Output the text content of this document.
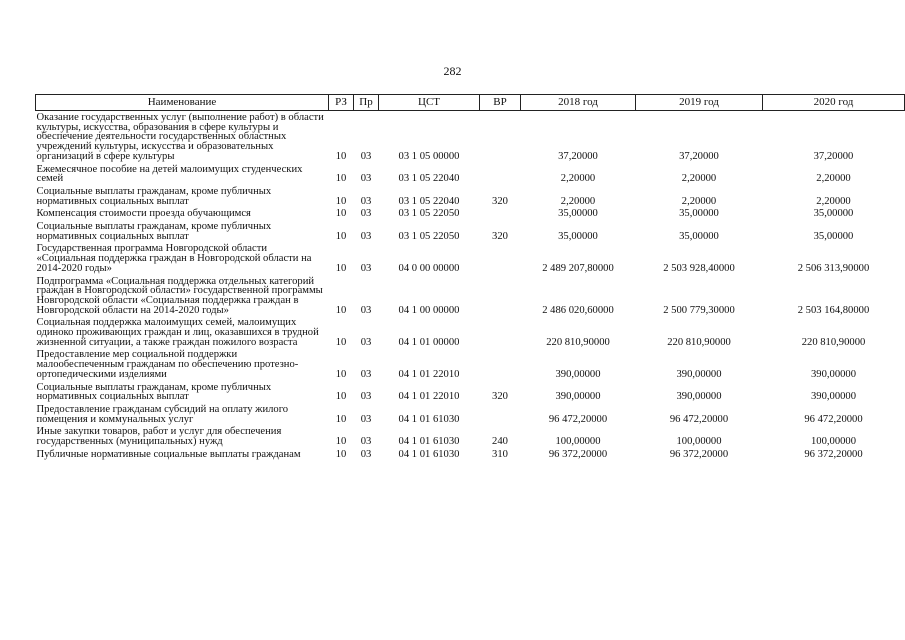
282
Наименование	РЗ	Пр	ЦСТ	ВР	2018 год	2019 год	2020 год
Оказание государственных услуг (выполнение работ) в области культуры, искусства, образования в сфере культуры и обеспечение деятельности государственных областных учреждений культуры, искусства и образовательных организаций в сфере культуры	10	03	03 1 05 00000		37,20000	37,20000	37,20000
Ежемесячное пособие на детей малоимущих студенческих семей	10	03	03 1 05 22040		2,20000	2,20000	2,20000
Социальные выплаты гражданам, кроме публичных нормативных социальных выплат	10	03	03 1 05 22040	320	2,20000	2,20000	2,20000
Компенсация стоимости проезда обучающимся	10	03	03 1 05 22050		35,00000	35,00000	35,00000
Социальные выплаты гражданам, кроме публичных нормативных социальных выплат	10	03	03 1 05 22050	320	35,00000	35,00000	35,00000
Государственная программа Новгородской области «Социальная поддержка граждан в Новгородской области на 2014-2020 годы»	10	03	04 0 00 00000		2 489 207,80000	2 503 928,40000	2 506 313,90000
Подпрограмма «Социальная поддержка отдельных категорий граждан в Новгородской области» государственной программы Новгородской области «Социальная поддержка граждан в Новгородской области на 2014-2020 годы»	10	03	04 1 00 00000		2 486 020,60000	2 500 779,30000	2 503 164,80000
Социальная поддержка малоимущих семей, малоимущих одиноко проживающих граждан и лиц, оказавшихся в трудной жизненной ситуации, а также граждан пожилого возраста	10	03	04 1 01 00000		220 810,90000	220 810,90000	220 810,90000
Предоставление мер социальной поддержки малообеспеченным гражданам по обеспечению протезно-ортопедическими изделиями	10	03	04 1 01 22010		390,00000	390,00000	390,00000
Социальные выплаты гражданам, кроме публичных нормативных социальных выплат	10	03	04 1 01 22010	320	390,00000	390,00000	390,00000
Предоставление гражданам субсидий на оплату жилого помещения и коммунальных услуг	10	03	04 1 01 61030		96 472,20000	96 472,20000	96 472,20000
Иные закупки товаров, работ и услуг для обеспечения государственных (муниципальных) нужд	10	03	04 1 01 61030	240	100,00000	100,00000	100,00000
Публичные нормативные социальные выплаты гражданам	10	03	04 1 01 61030	310	96 372,20000	96 372,20000	96 372,20000
